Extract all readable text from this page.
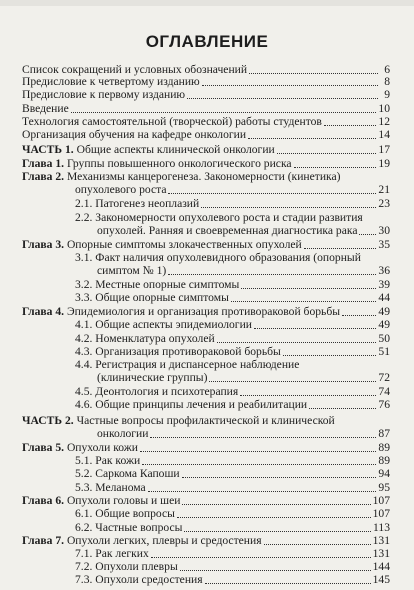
ОГЛАВЛЕНИЕ
Список сокращений и условных обозначений	6
Предисловие к четвертому изданию	8
Предисловие к первому изданию	9
Введение	10
Технология самостоятельной (творческой) работы студентов	12
Организация обучения на кафедре онкологии	14
ЧАСТЬ 1. Общие аспекты клинической онкологии	17
Глава 1. Группы повышенного онкологического риска	19
Глава 2. Механизмы канцерогенеза. Закономерности (кинетика)
опухолевого роста	21
2.1. Патогенез неоплазий	23
2.2. Закономерности опухолевого роста и стадии развития
опухолей. Ранняя и своевременная диагностика рака 30
Глава 3. Опорные симптомы злокачественных опухолей	35
3.1. Факт наличия опухолевидного образования (опорный
симптом № 1)	36
3.2. Местные опорные симптомы	39
3.3. Общие опорные симптомы	44
Глава 4. Эпидемиология и организация противораковой борьбы	49
4.1. Общие аспекты эпидемиологии	49
4.2. Номенклатура опухолей	50
4.3. Организация противораковой борьбы	51
4.4. Регистрация и диспансерное наблюдение
(клинические группы)	72
4.5. Деонтология и психотерапия	74
4.6. Общие принципы лечения и реабилитации	76
ЧАСТЬ 2. Частные вопросы профилактической и клинической
онкологии	87
Глава 5. Опухоли кожи	89
5.1. Рак кожи	89
5.2. Саркома Капоши	94
5.3. Меланома	95
Глава 6. Опухоли головы и шеи	107
6.1. Общие вопросы	107
6.2. Частные вопросы	113
Глава 7. Опухоли легких, плевры и средостения	131
7.1. Рак легких	131
7.2. Опухоли плевры	144
7.3. Опухоли средостения	145
